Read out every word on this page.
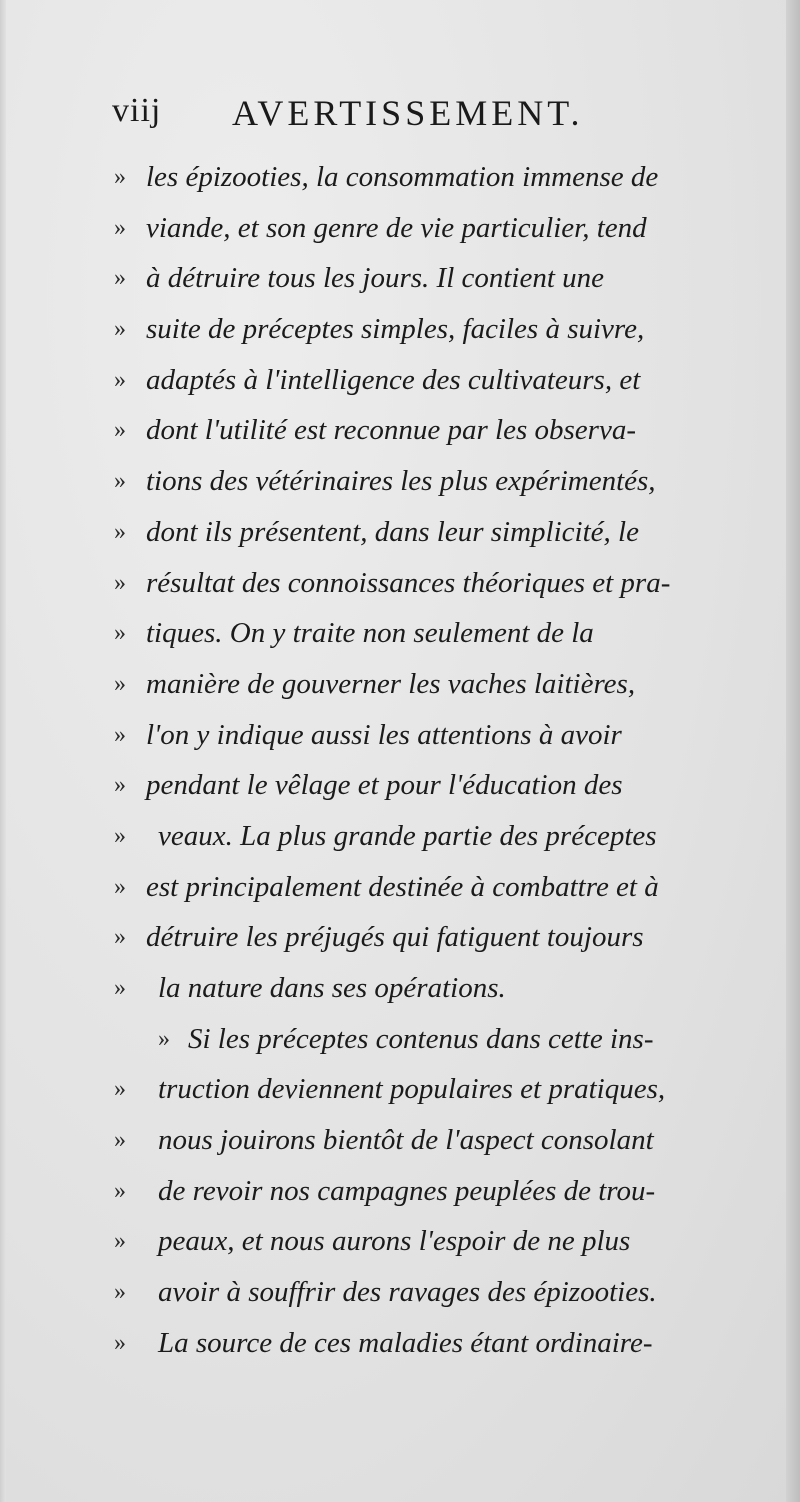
viij AVERTISSEMENT.
» les épizooties, la consommation immense de
» viande, et son genre de vie particulier, tend
» à détruire tous les jours. Il contient une
» suite de préceptes simples, faciles à suivre,
» adaptés à l'intelligence des cultivateurs, et
» dont l'utilité est reconnue par les observa-
» tions des vétérinaires les plus expérimentés,
» dont ils présentent, dans leur simplicité, le
» résultat des connoissances théoriques et pra-
» tiques. On y traite non seulement de la
» manière de gouverner les vaches laitières,
» l'on y indique aussi les attentions à avoir
» pendant le vêlage et pour l'éducation des
» veaux. La plus grande partie des préceptes
» est principalement destinée à combattre et à
» détruire les préjugés qui fatiguent toujours
» la nature dans ses opérations.
» Si les préceptes contenus dans cette ins-
» truction deviennent populaires et pratiques,
» nous jouirons bientôt de l'aspect consolant
» de revoir nos campagnes peuplées de trou-
» peaux, et nous aurons l'espoir de ne plus
» avoir à souffrir des ravages des épizooties.
» La source de ces maladies étant ordinaire-
